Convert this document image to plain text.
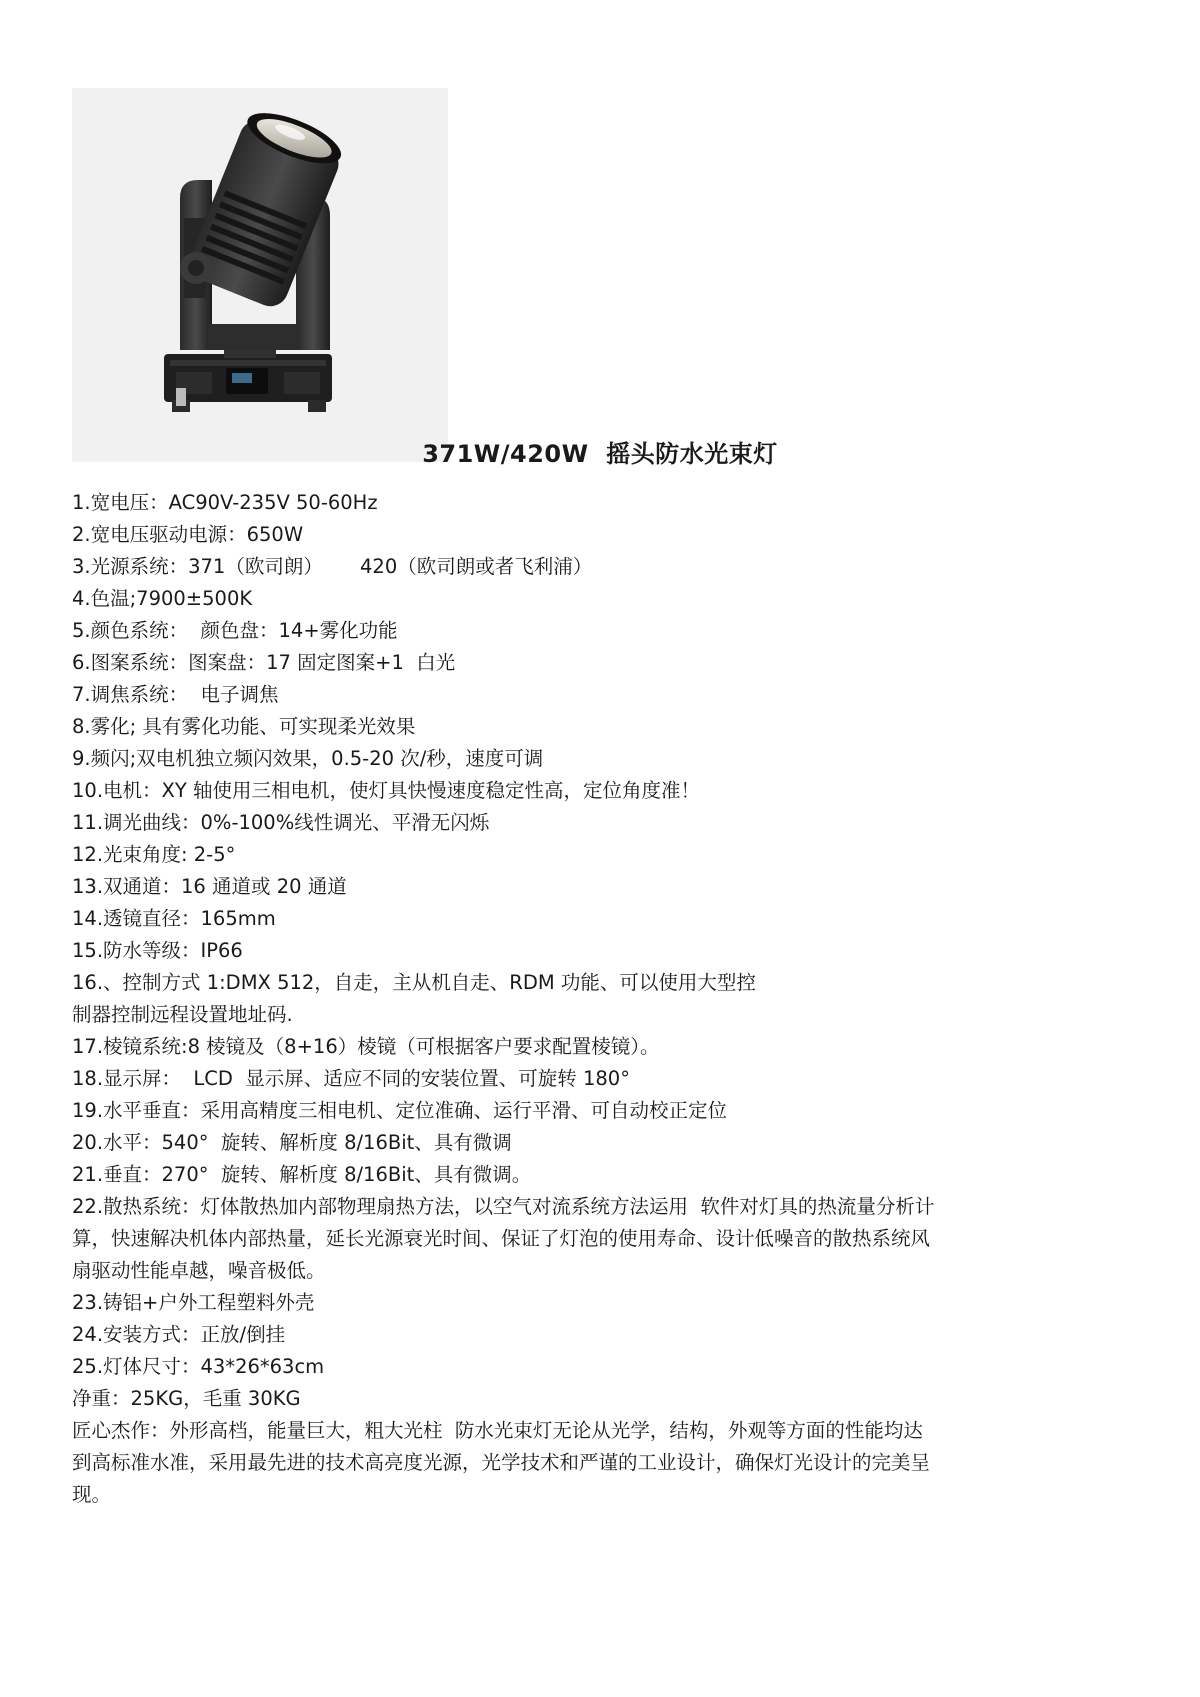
371W/420W  摇头防水光束灯
1.宽电压：AC90V-235V 50-60Hz
2.宽电压驱动电源：650W
3.光源系统：371（欧司朗）      420（欧司朗或者飞利浦）
4.色温;7900±500K
5.颜色系统：  颜色盘：14+雾化功能
6.图案系统：图案盘：17 固定图案+1  白光
7.调焦系统：  电子调焦
8.雾化; 具有雾化功能、可实现柔光效果
9.频闪;双电机独立频闪效果，0.5-20 次/秒，速度可调
10.电机：XY 轴使用三相电机，使灯具快慢速度稳定性高，定位角度准！
11.调光曲线：0%-100%线性调光、平滑无闪烁
12.光束角度: 2-5°
13.双通道：16 通道或 20 通道
14.透镜直径：165mm
15.防水等级：IP66
16.、控制方式 1:DMX 512，自走，主从机自走、RDM 功能、可以使用大型控
制器控制远程设置地址码.
17.棱镜系统:8 棱镜及（8+16）棱镜（可根据客户要求配置棱镜）。
18.显示屏：  LCD  显示屏、适应不同的安装位置、可旋转 180°
19.水平垂直：采用高精度三相电机、定位准确、运行平滑、可自动校正定位
20.水平：540°  旋转、解析度 8/16Bit、具有微调
21.垂直：270°  旋转、解析度 8/16Bit、具有微调。
22.散热系统：灯体散热加内部物理扇热方法，以空气对流系统方法运用  软件对灯具的热流量分析计
算，快速解决机体内部热量，延长光源衰光时间、保证了灯泡的使用寿命、设计低噪音的散热系统风
扇驱动性能卓越，噪音极低。
23.铸铝+户外工程塑料外壳
24.安装方式：正放/倒挂
25.灯体尺寸：43*26*63cm
净重：25KG，毛重 30KG
匠心杰作：外形高档，能量巨大，粗大光柱  防水光束灯无论从光学，结构，外观等方面的性能均达
到高标准水准，采用最先进的技术高亮度光源，光学技术和严谨的工业设计，确保灯光设计的完美呈
现。
